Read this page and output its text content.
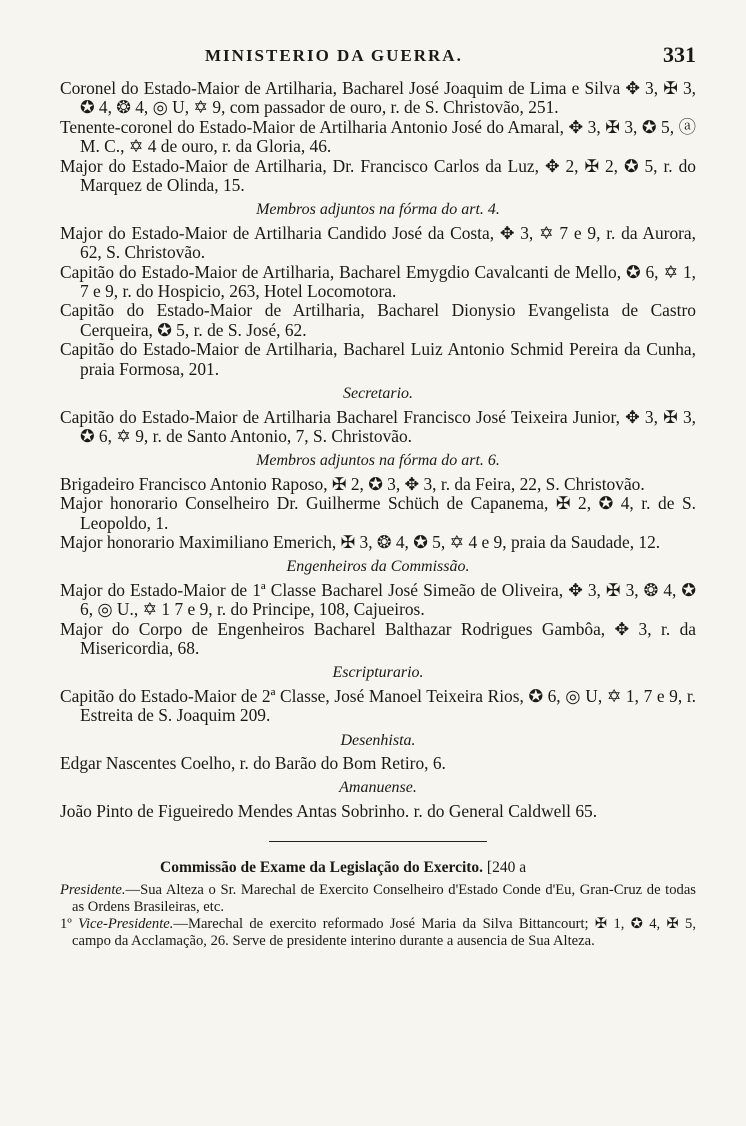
MINISTERIO DA GUERRA.	331
Coronel do Estado-Maior de Artilharia, Bacharel José Joaquim de Lima e Silva ✥ 3, ✠ 3, ✪ 4, ❂ 4, ◎ U, ✡ 9, com passador de ouro, r. de S. Christovão, 251.
Tenente-coronel do Estado-Maior de Artilharia Antonio José do Amaral, ✥ 3, ✠ 3, ✪ 5, ⓐ M. C., ✡ 4 de ouro, r. da Gloria, 46.
Major do Estado-Maior de Artilharia, Dr. Francisco Carlos da Luz, ✥ 2, ✠ 2, ✪ 5, r. do Marquez de Olinda, 15.
Membros adjuntos na fórma do art. 4.
Major do Estado-Maior de Artilharia Candido José da Costa, ✥ 3, ✡ 7 e 9, r. da Aurora, 62, S. Christovão.
Capitão do Estado-Maior de Artilharia, Bacharel Emygdio Cavalcanti de Mello, ✪ 6, ✡ 1, 7 e 9, r. do Hospicio, 263, Hotel Locomotora.
Capitão do Estado-Maior de Artilharia, Bacharel Dionysio Evangelista de Castro Cerqueira, ✪ 5, r. de S. José, 62.
Capitão do Estado-Maior de Artilharia, Bacharel Luiz Antonio Schmid Pereira da Cunha, praia Formosa, 201.
Secretario.
Capitão do Estado-Maior de Artilharia Bacharel Francisco José Teixeira Junior, ✥ 3, ✠ 3, ✪ 6, ✡ 9, r. de Santo Antonio, 7, S. Christovão.
Membros adjuntos na fórma do art. 6.
Brigadeiro Francisco Antonio Raposo, ✠ 2, ✪ 3, ✥ 3, r. da Feira, 22, S. Christovão.
Major honorario Conselheiro Dr. Guilherme Schüch de Capanema, ✠ 2, ✪ 4, r. de S. Leopoldo, 1.
Major honorario Maximiliano Emerich, ✠ 3, ❂ 4, ✪ 5, ✡ 4 e 9, praia da Saudade, 12.
Engenheiros da Commissão.
Major do Estado-Maior de 1ª Classe Bacharel José Simeão de Oliveira, ✥ 3, ✠ 3, ❂ 4, ✪ 6, ◎ U., ✡ 1 7 e 9, r. do Principe, 108, Cajueiros.
Major do Corpo de Engenheiros Bacharel Balthazar Rodrigues Gambôa, ✥ 3, r. da Misericordia, 68.
Escripturario.
Capitão do Estado-Maior de 2ª Classe, José Manoel Teixeira Rios, ✪ 6, ◎ U, ✡ 1, 7 e 9, r. Estreita de S. Joaquim 209.
Desenhista.
Edgar Nascentes Coelho, r. do Barão do Bom Retiro, 6.
Amanuense.
João Pinto de Figueiredo Mendes Antas Sobrinho. r. do General Caldwell 65.
Commissão de Exame da Legislação do Exercito. [240 a
Presidente.—Sua Alteza o Sr. Marechal de Exercito Conselheiro d'Estado Conde d'Eu, Gran-Cruz de todas as Ordens Brasileiras, etc.
1º Vice-Presidente.—Marechal de exercito reformado José Maria da Silva Bittancourt; ✠ 1, ✪ 4, ✠ 5, campo da Acclamação, 26. Serve de presidente interino durante a ausencia de Sua Alteza.
